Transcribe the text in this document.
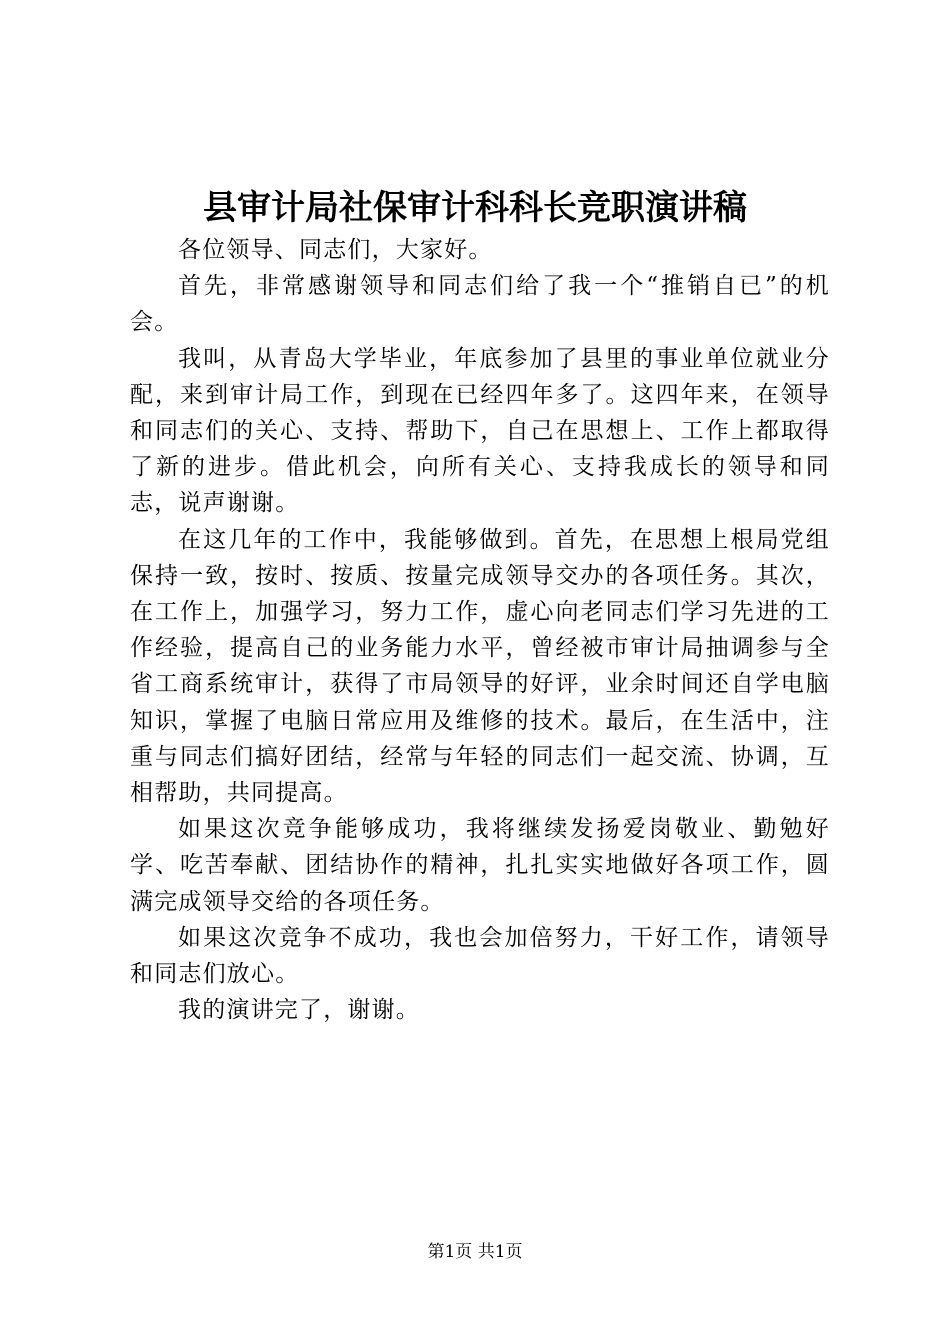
县审计局社保审计科科长竞职演讲稿

各位领导、同志们，大家好。

首先，非常感谢领导和同志们给了我一个“推销自已”的机会。

我叫，从青岛大学毕业，年底参加了县里的事业单位就业分配，来到审计局工作，到现在已经四年多了。这四年来，在领导和同志们的关心、支持、帮助下，自己在思想上、工作上都取得了新的进步。借此机会，向所有关心、支持我成长的领导和同志，说声谢谢。

在这几年的工作中，我能够做到。首先，在思想上根局党组保持一致，按时、按质、按量完成领导交办的各项任务。其次，在工作上，加强学习，努力工作，虚心向老同志们学习先进的工作经验，提高自己的业务能力水平，曾经被市审计局抽调参与全省工商系统审计，获得了市局领导的好评，业余时间还自学电脑知识，掌握了电脑日常应用及维修的技术。最后，在生活中，注重与同志们搞好团结，经常与年轻的同志们一起交流、协调，互相帮助，共同提高。

如果这次竞争能够成功，我将继续发扬爱岗敬业、勤勉好学、吃苦奉献、团结协作的精神，扎扎实实地做好各项工作，圆满完成领导交给的各项任务。

如果这次竞争不成功，我也会加倍努力，干好工作，请领导和同志们放心。

我的演讲完了，谢谢。

第1页 共1页
